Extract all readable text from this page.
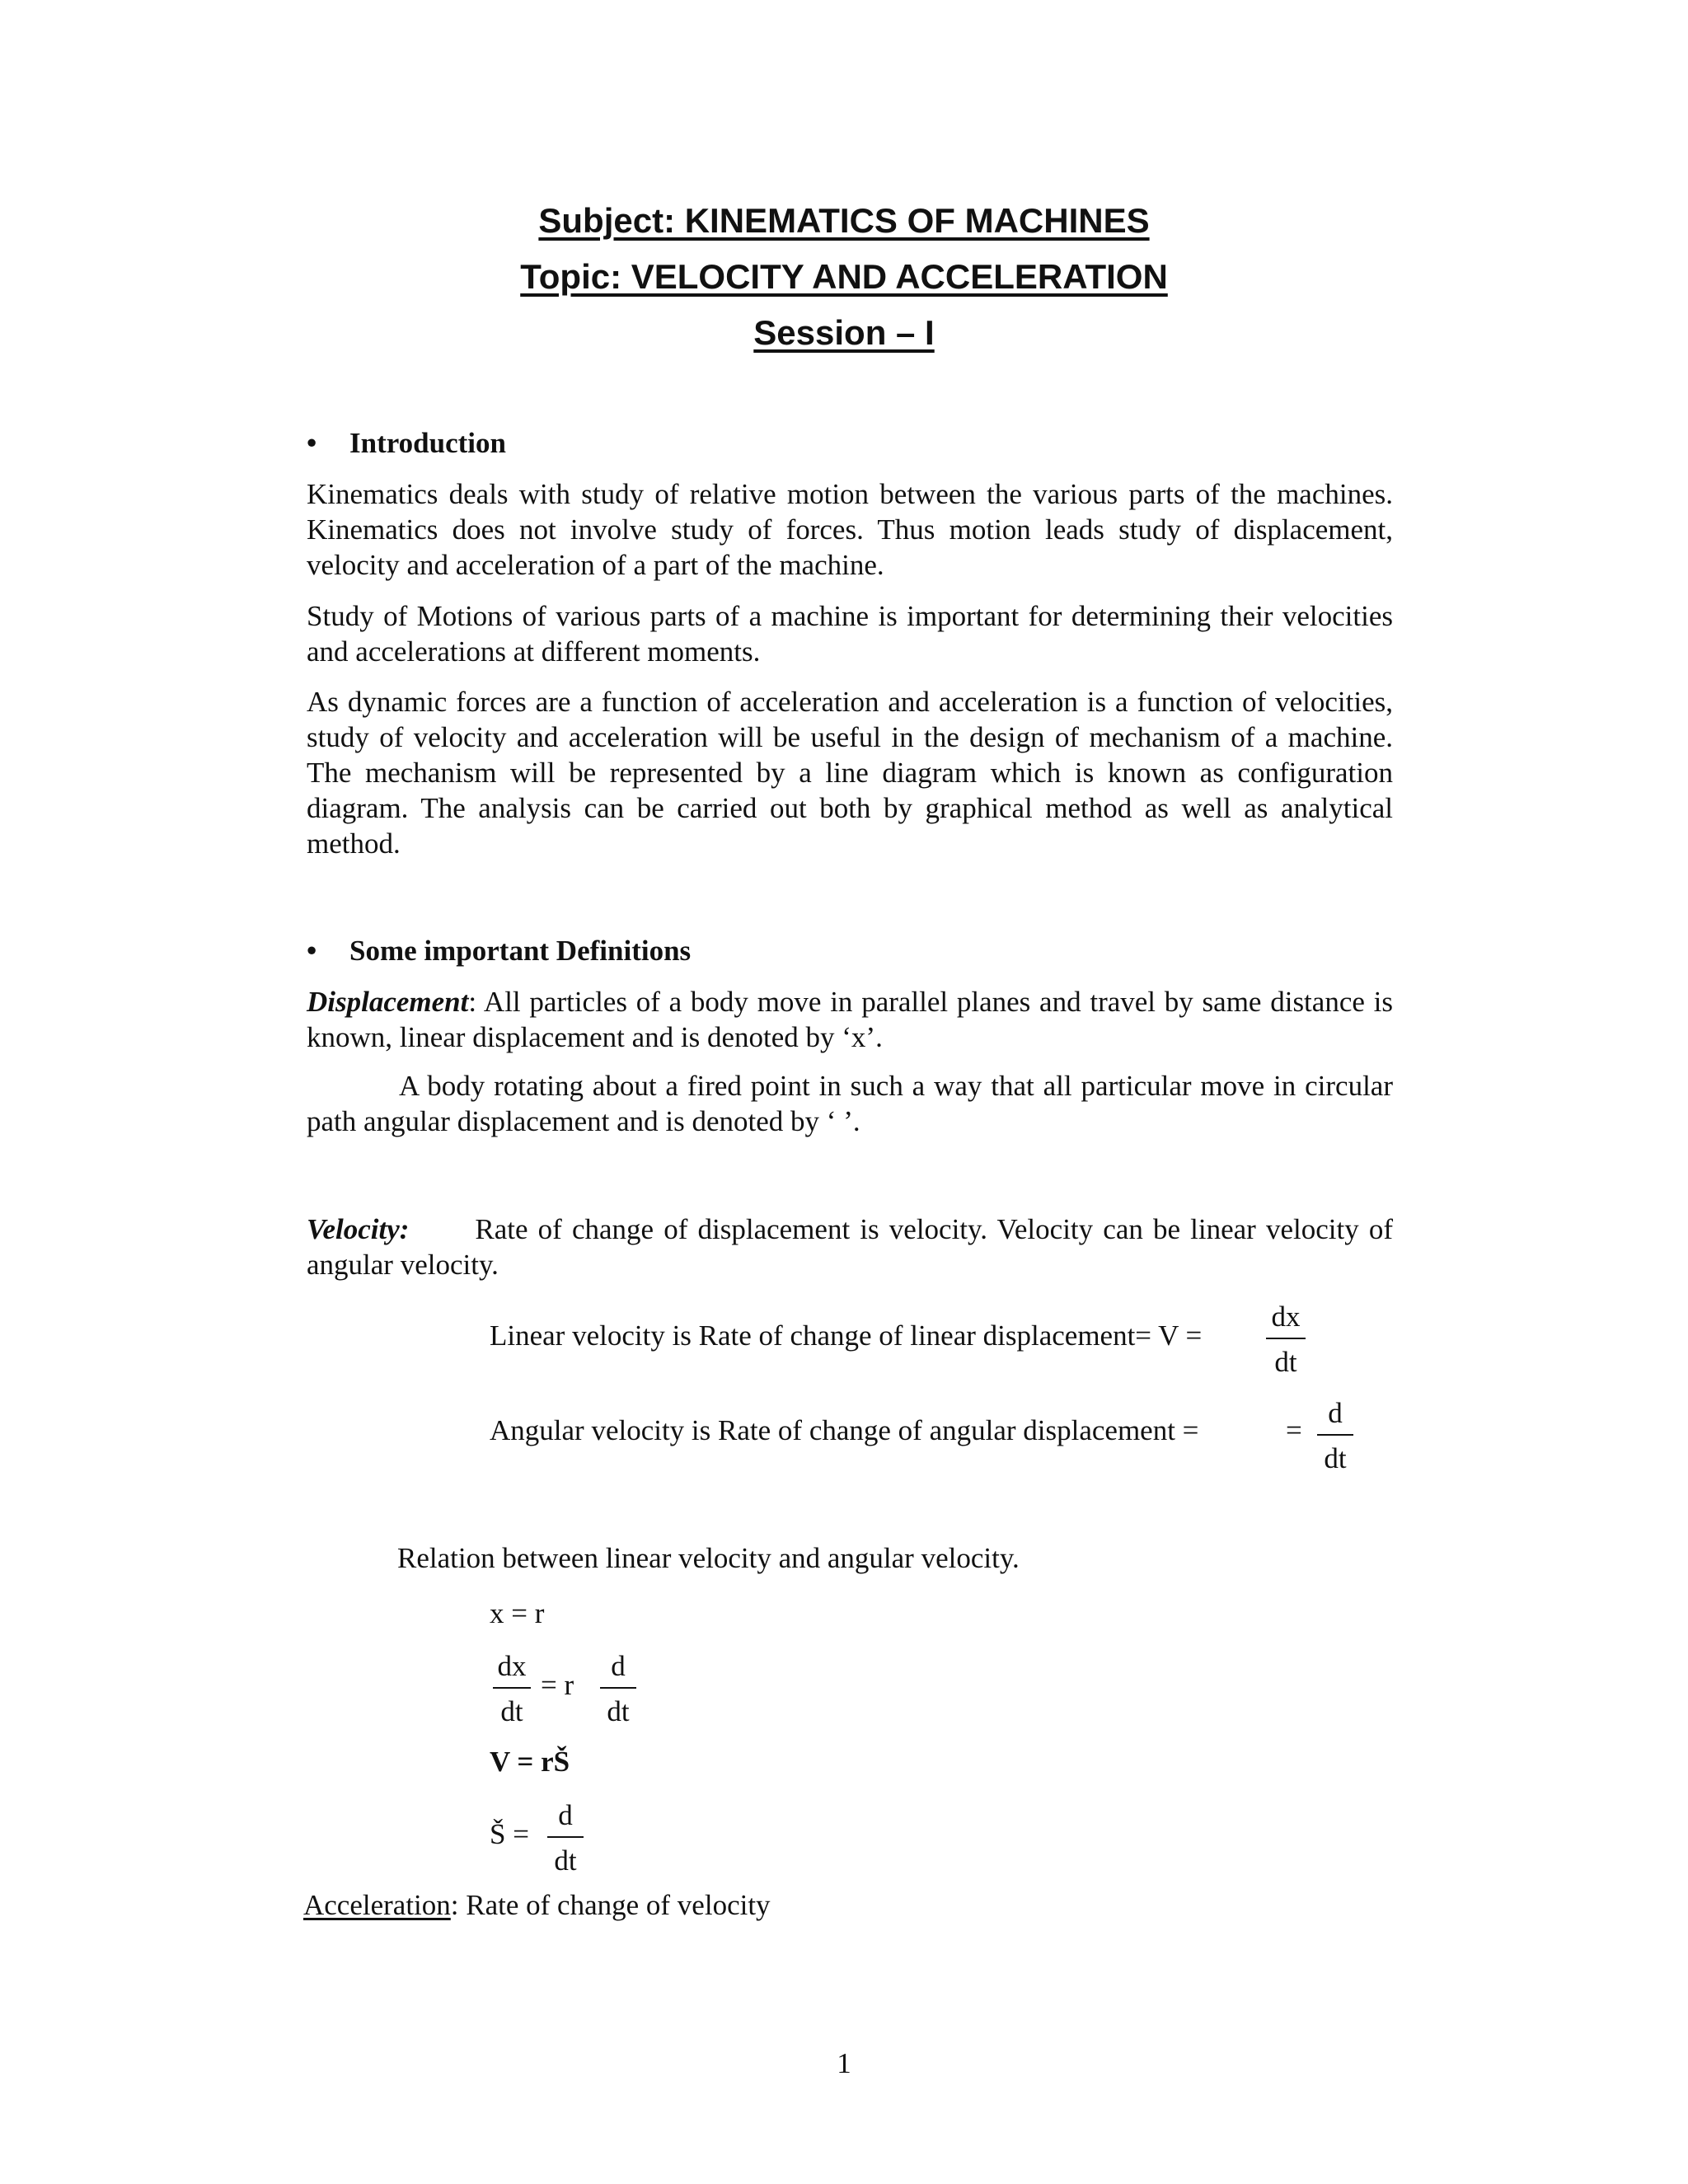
Subject: KINEMATICS OF MACHINES
Topic: VELOCITY AND ACCELERATION
Session – I
• Introduction
Kinematics deals with study of relative motion between the various parts of the machines. Kinematics does not involve study of forces. Thus motion leads study of displacement, velocity and acceleration of a part of the machine.
Study of Motions of various parts of a machine is important for determining their velocities and accelerations at different moments.
As dynamic forces are a function of acceleration and acceleration is a function of velocities, study of velocity and acceleration will be useful in the design of mechanism of a machine. The mechanism will be represented by a line diagram which is known as configuration diagram. The analysis can be carried out both by graphical method as well as analytical method.
• Some important Definitions
Displacement: All particles of a body move in parallel planes and travel by same distance is known, linear displacement and is denoted by ‘x’.
A body rotating about a fired point in such a way that all particular move in circular path angular displacement and is denoted by ‘ ’.
Velocity: Rate of change of displacement is velocity. Velocity can be linear velocity of angular velocity.
Linear velocity is Rate of change of linear displacement= V =
dx
dt
Angular velocity is Rate of change of angular displacement =	=
d
dt
Relation between linear velocity and angular velocity.
x = r
dx
dt
= r
d
dt
V = rŠ
Š =
d
dt
Acceleration: Rate of change of velocity
1
